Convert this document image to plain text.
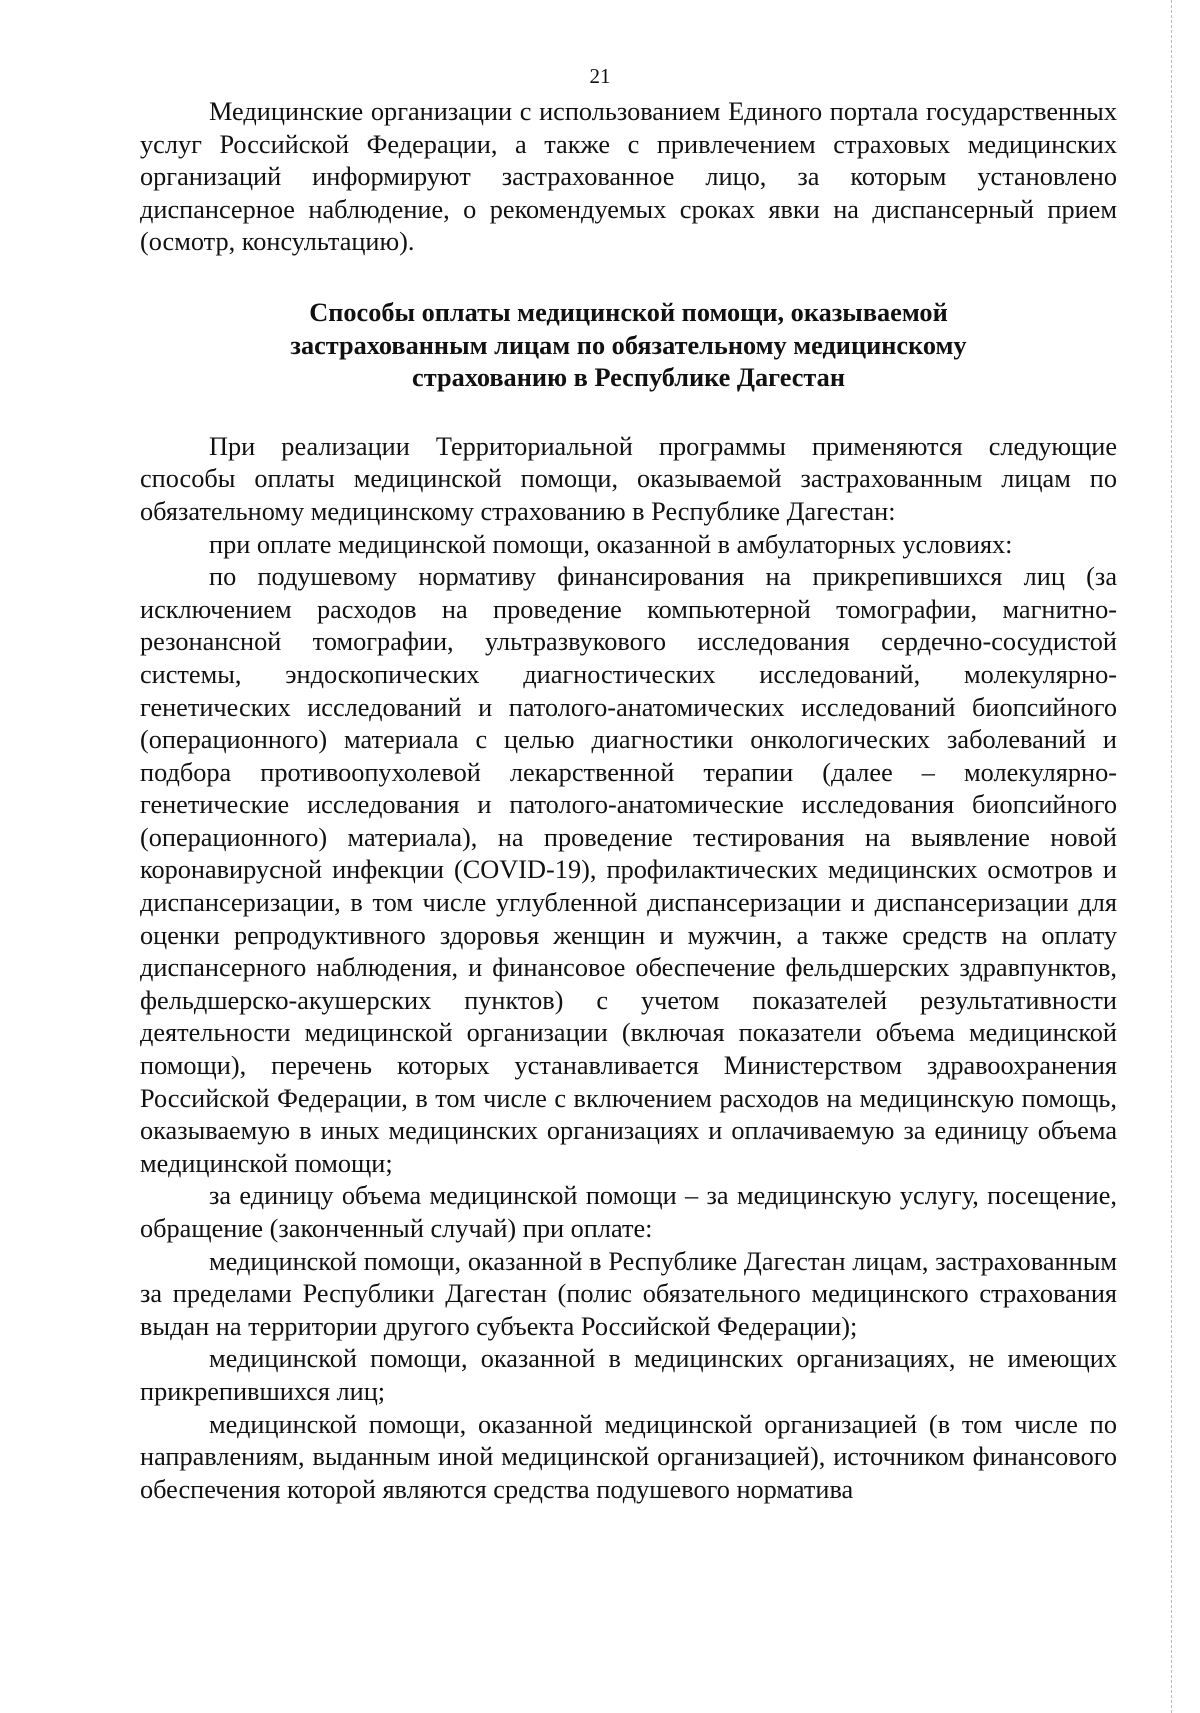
21

Медицинские организации с использованием Единого портала государственных услуг Российской Федерации, а также с привлечением страховых медицинских организаций информируют застрахованное лицо, за которым установлено диспансерное наблюдение, о рекомендуемых сроках явки на диспансерный прием (осмотр, консультацию).

Способы оплаты медицинской помощи, оказываемой
застрахованным лицам по обязательному медицинскому
страхованию в Республике Дагестан

При реализации Территориальной программы применяются следующие способы оплаты медицинской помощи, оказываемой застрахованным лицам по обязательному медицинскому страхованию в Республике Дагестан:

при оплате медицинской помощи, оказанной в амбулаторных условиях:

по подушевому нормативу финансирования на прикрепившихся лиц (за исключением расходов на проведение компьютерной томографии, магнитно-резонансной томографии, ультразвукового исследования сердечно-сосудистой системы, эндоскопических диагностических исследований, молекулярно-генетических исследований и патолого-анатомических исследований биопсийного (операционного) материала с целью диагностики онкологических заболеваний и подбора противоопухолевой лекарственной терапии (далее – молекулярно-генетические исследования и патолого-анатомические исследования биопсийного (операционного) материала), на проведение тестирования на выявление новой коронавирусной инфекции (COVID-19), профилактических медицинских осмотров и диспансеризации, в том числе углубленной диспансеризации и диспансеризации для оценки репродуктивного здоровья женщин и мужчин, а также средств на оплату диспансерного наблюдения, и финансовое обеспечение фельдшерских здравпунктов, фельдшерско-акушерских пунктов) с учетом показателей результативности деятельности медицинской организации (включая показатели объема медицинской помощи), перечень которых устанавливается Министерством здравоохранения Российской Федерации, в том числе с включением расходов на медицинскую помощь, оказываемую в иных медицинских организациях и оплачиваемую за единицу объема медицинской помощи;

за единицу объема медицинской помощи – за медицинскую услугу, посещение, обращение (законченный случай) при оплате:

медицинской помощи, оказанной в Республике Дагестан лицам, застрахованным за пределами Республики Дагестан (полис обязательного медицинского страхования выдан на территории другого субъекта Российской Федерации);

медицинской помощи, оказанной в медицинских организациях, не имеющих прикрепившихся лиц;

медицинской помощи, оказанной медицинской организацией (в том числе по направлениям, выданным иной медицинской организацией), источником финансового обеспечения которой являются средства подушевого норматива
